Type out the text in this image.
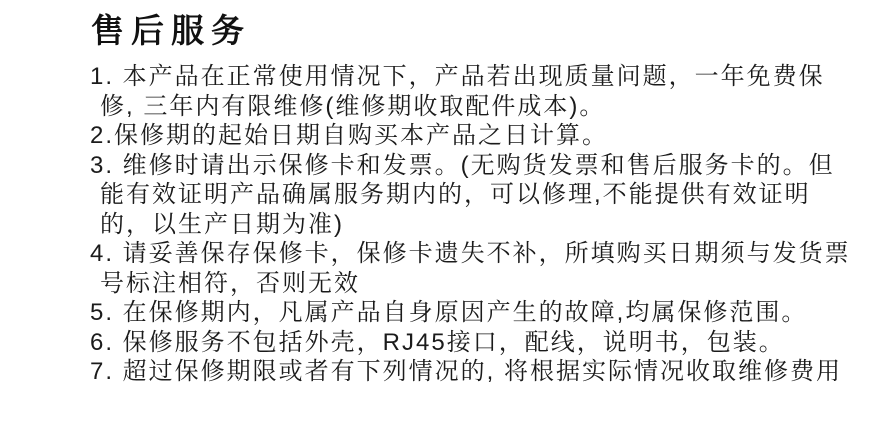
售后服务
1. 本产品在正常使用情况下，产品若出现质量问题，一年免费保
修, 三年内有限维修(维修期收取配件成本)。
2.保修期的起始日期自购买本产品之日计算。
3. 维修时请出示保修卡和发票。(无购货发票和售后服务卡的。但
能有效证明产品确属服务期内的，可以修理,不能提供有效证明
的，以生产日期为准)
4. 请妥善保存保修卡，保修卡遗失不补，所填购买日期须与发货票
号标注相符，否则无效
5. 在保修期内，凡属产品自身原因产生的故障,均属保修范围。
6. 保修服务不包括外壳，RJ45接口，配线，说明书，包装。
7. 超过保修期限或者有下列情况的, 将根据实际情况收取维修费用
